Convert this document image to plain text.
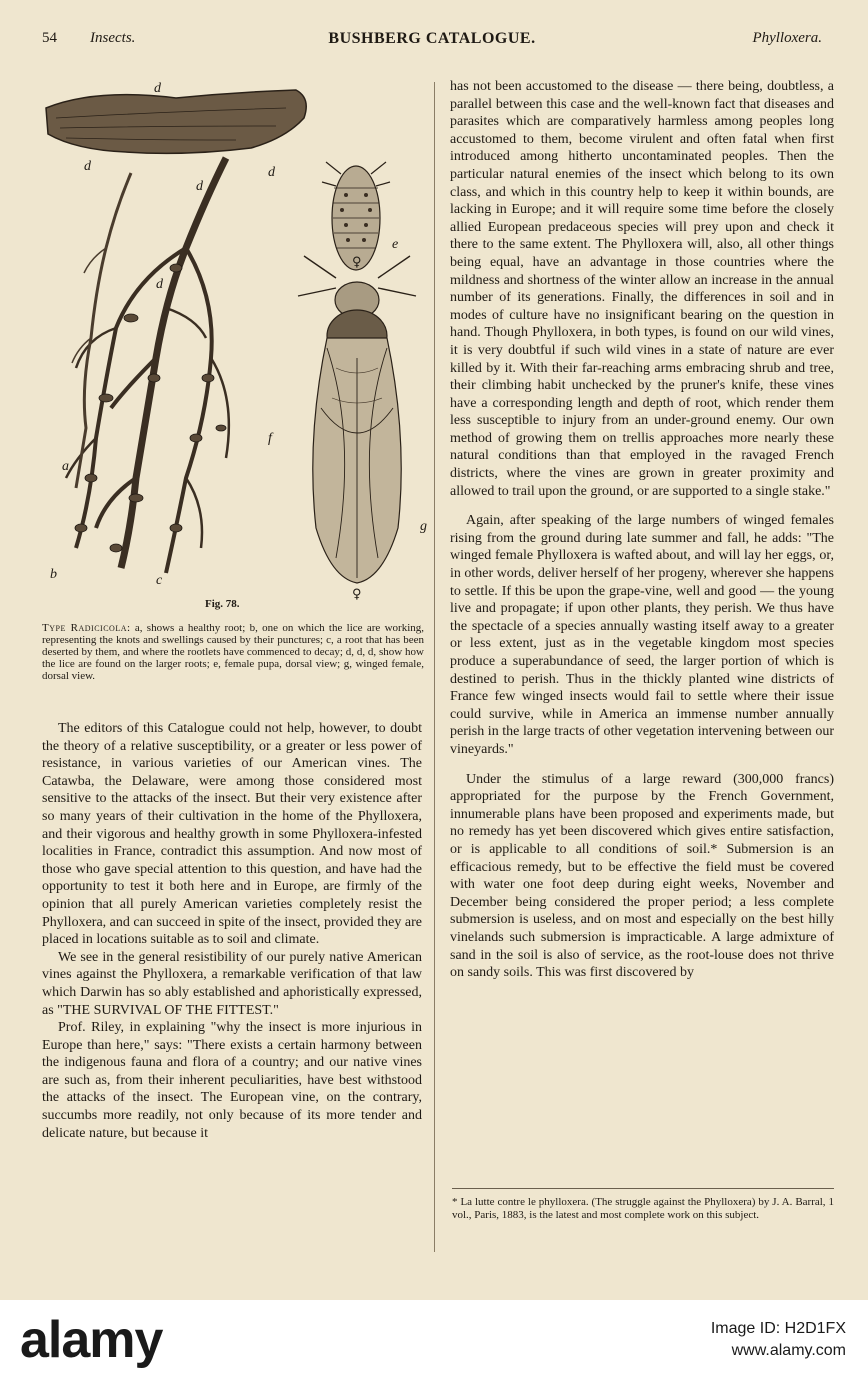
54 Insects.	BUSHBERG CATALOGUE.	Phylloxera.
d
d
d
d
d
a
b	c
e
f
g
♀
♀
Fig. 78.
Type Radicicola: a, shows a healthy root; b, one on which the lice are working, representing the knots and swellings caused by their punctures; c, a root that has been deserted by them, and where the rootlets have commenced to decay; d, d, d, show how the lice are found on the larger roots; e, female pupa, dorsal view; g, winged female, dorsal view.

The editors of this Catalogue could not help, however, to doubt the theory of a relative susceptibility, or a greater or less power of resistance, in various varieties of our American vines. The Catawba, the Delaware, were among those considered most sensitive to the attacks of the insect. But their very existence after so many years of their cultivation in the home of the Phylloxera, and their vigorous and healthy growth in some Phylloxera-infested localities in France, contradict this assumption. And now most of those who gave special attention to this question, and have had the opportunity to test it both here and in Europe, are firmly of the opinion that all purely American varieties completely resist the Phylloxera, and can succeed in spite of the insect, provided they are placed in locations suitable as to soil and climate.

We see in the general resistibility of our purely native American vines against the Phylloxera, a remarkable verification of that law which Darwin has so ably established and aphoristically expressed, as "THE SURVIVAL OF THE FITTEST."

Prof. Riley, in explaining "why the insect is more injurious in Europe than here," says: "There exists a certain harmony between the indigenous fauna and flora of a country; and our native vines are such as, from their inherent peculiarities, have best withstood the attacks of the insect. The European vine, on the contrary, succumbs more readily, not only because of its more tender and delicate nature, but because it

has not been accustomed to the disease — there being, doubtless, a parallel between this case and the well-known fact that diseases and parasites which are comparatively harmless among peoples long accustomed to them, become virulent and often fatal when first introduced among hitherto uncontaminated peoples. Then the particular natural enemies of the insect which belong to its own class, and which in this country help to keep it within bounds, are lacking in Europe; and it will require some time before the closely allied European predaceous species will prey upon and check it there to the same extent. The Phylloxera will, also, all other things being equal, have an advantage in those countries where the mildness and shortness of the winter allow an increase in the annual number of its generations. Finally, the differences in soil and in modes of culture have no insignificant bearing on the question in hand. Though Phylloxera, in both types, is found on our wild vines, it is very doubtful if such wild vines in a state of nature are ever killed by it. With their far-reaching arms embracing shrub and tree, their climbing habit unchecked by the pruner's knife, these vines have a corresponding length and depth of root, which render them less susceptible to injury from an under-ground enemy. Our own method of growing them on trellis approaches more nearly these natural conditions than that employed in the ravaged French districts, where the vines are grown in greater proximity and allowed to trail upon the ground, or are supported to a single stake."

Again, after speaking of the large numbers of winged females rising from the ground during late summer and fall, he adds: "The winged female Phylloxera is wafted about, and will lay her eggs, or, in other words, deliver herself of her progeny, wherever she happens to settle. If this be upon the grape-vine, well and good — the young live and propagate; if upon other plants, they perish. We thus have the spectacle of a species annually wasting itself away to a greater or less extent, just as in the vegetable kingdom most species produce a superabundance of seed, the larger portion of which is destined to perish. Thus in the thickly planted wine districts of France few winged insects would fail to settle where their issue could survive, while in America an immense number annually perish in the large tracts of other vegetation intervening between our vineyards."

Under the stimulus of a large reward (300,000 francs) appropriated for the purpose by the French Government, innumerable plans have been proposed and experiments made, but no remedy has yet been discovered which gives entire satisfaction, or is applicable to all conditions of soil.* Submersion is an efficacious remedy, but to be effective the field must be covered with water one foot deep during eight weeks, November and December being considered the proper period; a less complete submersion is useless, and on most and especially on the best hilly vinelands such submersion is impracticable. A large admixture of sand in the soil is also of service, as the root-louse does not thrive on sandy soils. This was first discovered by

* La lutte contre le phylloxera. (The struggle against the Phylloxera) by J. A. Barral, 1 vol., Paris, 1883, is the latest and most complete work on this subject.
alamy	Image ID: H2D1FX
www.alamy.com
